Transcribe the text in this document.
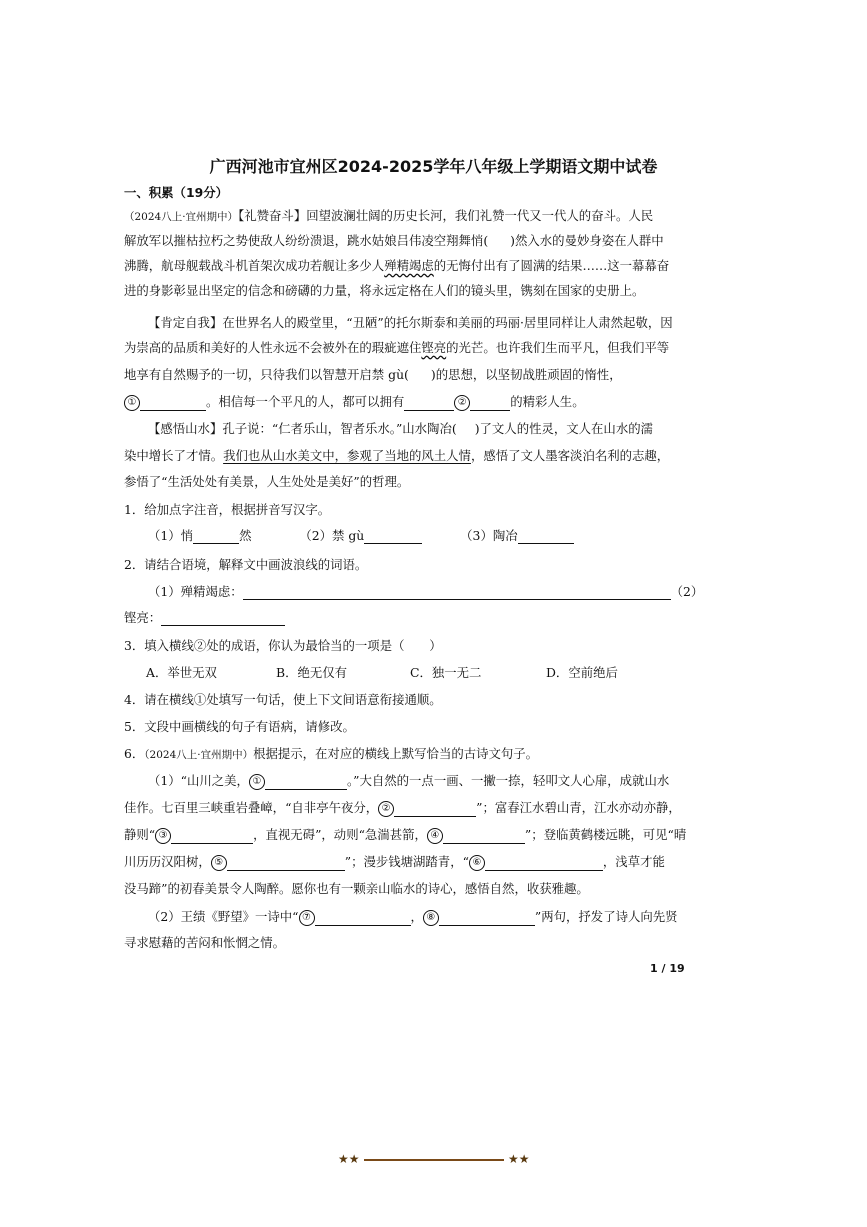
广西河池市宜州区2024-2025学年八年级上学期语文期中试卷
一、积累（19分）
（2024八上·宜州期中）【礼赞奋斗】回望波澜壮阔的历史长河，我们礼赞一代又一代人的奋斗。人民
解放军以摧枯拉朽之势使敌人纷纷溃退，跳水姑娘吕伟凌空翔舞悄( )然入水的曼妙身姿在人群中
沸腾，航母舰载战斗机首架次成功若舰让多少人殚精竭虑的无悔付出有了圆满的结果……这一幕幕奋
进的身影彰显出坚定的信念和磅礴的力量，将永远定格在人们的镜头里，镌刻在国家的史册上。
【肯定自我】在世界名人的殿堂里，“丑陋”的托尔斯泰和美丽的玛丽·居里同样让人肃然起敬，因
为崇高的品质和美好的人性永远不会被外在的瑕疵遮住铿亮的光芒。也许我们生而平凡，但我们平等
地享有自然赐予的一切，只待我们以智慧开启禁 gù( )的思想，以坚韧战胜顽固的惰性，
①	。相信每一个平凡的人，都可以拥有	②	的精彩人生。
【感悟山水】孔子说：“仁者乐山，智者乐水。”山水陶冶( )了文人的性灵，文人在山水的濡
染中增长了才情。我们也从山水美文中，参观了当地的风土人情，感悟了文人墨客淡泊名利的志趣，
参悟了“生活处处有美景，人生处处是美好”的哲理。
1．给加点字注音，根据拼音写汉字。
（1）悄	然	（2）禁 gù	（3）陶冶
2．请结合语境，解释文中画波浪线的词语。
（1）殚精竭虑：	（2）
铿亮：
3．填入横线②处的成语，你认为最恰当的一项是（　　）
A．举世无双	B．绝无仅有	C．独一无二	D．空前绝后
4．请在横线①处填写一句话，使上下文间语意衔接通顺。
5．文段中画横线的句子有语病，请修改。
6．（2024八上·宜州期中）根据提示，在对应的横线上默写恰当的古诗文句子。
（1）“山川之美， ①	。”大自然的一点一画、一撇一捺，轻叩文人心扉，成就山水
佳作。七百里三峡重岩叠嶂，“自非亭午夜分， ②	”；富春江水碧山青，江水亦动亦静，
静则“ ③	，直视无碍”，动则“急湍甚箭， ④	”；登临黄鹤楼远眺，可见“晴
川历历汉阳树， ⑤	”；漫步钱塘湖踏青，“ ⑥	，浅草才能
没马蹄”的初春美景令人陶醉。愿你也有一颗亲山临水的诗心，感悟自然，收获雅趣。
（2）王绩《野望》一诗中“ ⑦	， ⑧	”两句，抒发了诗人向先贤
寻求慰藉的苦闷和怅惘之情。
1 / 19
★★	★★
